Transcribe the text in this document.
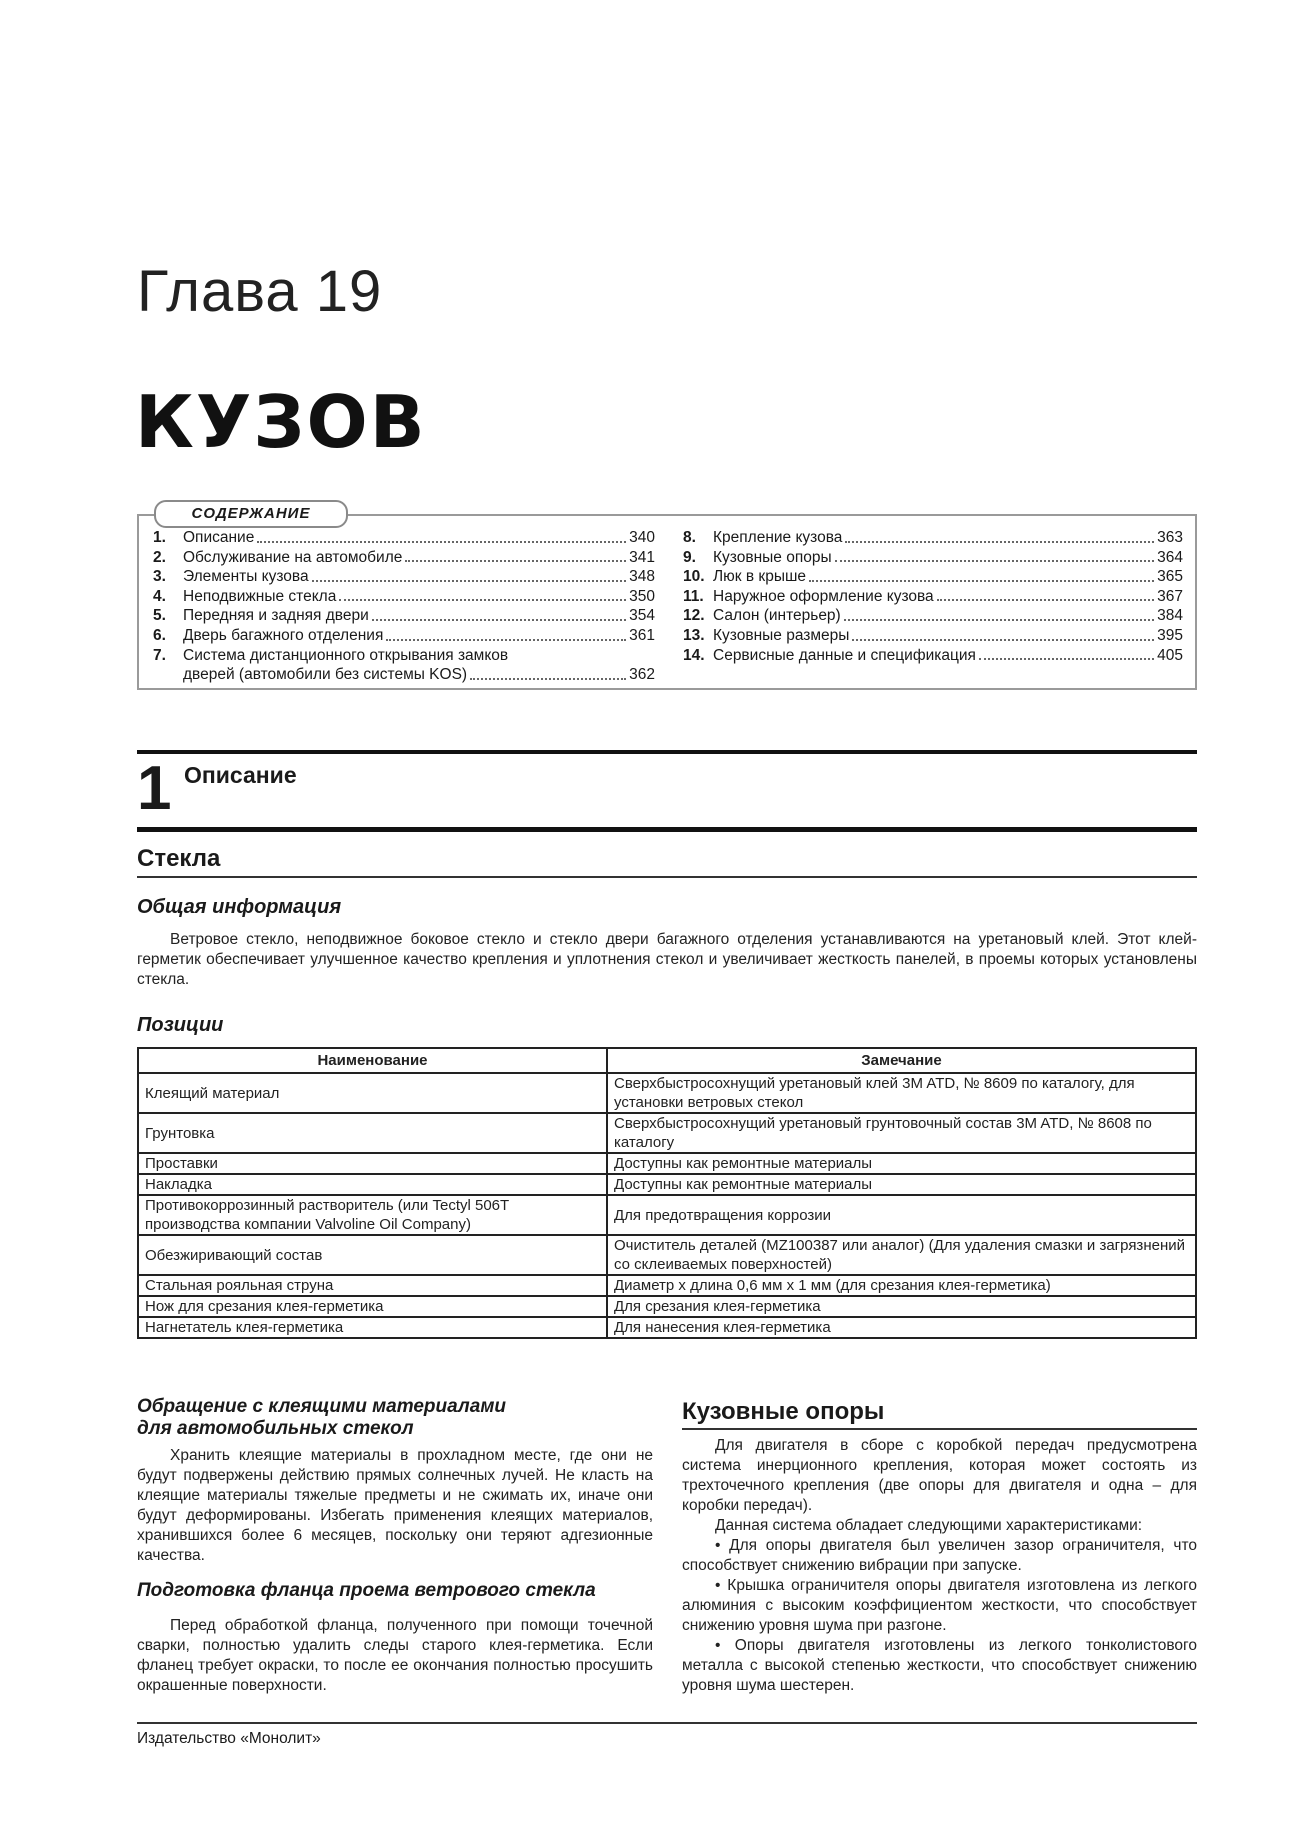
Глава 19
КУЗОВ
СОДЕРЖАНИЕ
1.	Описание	340
2.	Обслуживание на автомобиле	341
3.	Элементы кузова	348
4.	Неподвижные стекла	350
5.	Передняя и задняя двери	354
6.	Дверь багажного отделения	361
7.	Система дистанционного открывания замков
дверей (автомобили без системы KOS)	362
8.	Крепление кузова	363
9.	Кузовные опоры	364
10. Люк в крыше	365
11. Наружное оформление кузова	367
12. Салон (интерьер)	384
13. Кузовные размеры	395
14. Сервисные данные и спецификация	405
1 Описание
Стекла
Общая информация
Ветровое стекло, неподвижное боковое стекло и стекло двери багажного отделения устанавливаются на уретановый клей. Этот клей-герметик обеспечивает улучшенное качество крепления и уплотнения стекол и увеличивает жесткость панелей, в проемы которых установлены стекла.
Позиции
Наименование	Замечание
Клеящий материал	Сверхбыстросохнущий уретановый клей 3M ATD, № 8609 по каталогу, для установки ветровых стекол
Грунтовка	Сверхбыстросохнущий уретановый грунтовочный состав 3M ATD, № 8608 по каталогу
Проставки	Доступны как ремонтные материалы
Накладка	Доступны как ремонтные материалы
Противокоррозинный растворитель (или Tectyl 506T производства компании Valvoline Oil Company)	Для предотвращения коррозии
Обезжиривающий состав	Очиститель деталей (MZ100387 или аналог) (Для удаления смазки и загрязнений со склеиваемых поверхностей)
Стальная рояльная струна	Диаметр x длина 0,6 мм x 1 мм (для срезания клея-герметика)
Нож для срезания клея-герметика	Для срезания клея-герметика
Нагнетатель клея-герметика	Для нанесения клея-герметика
Обращение с клеящими материалами
для автомобильных стекол
Хранить клеящие материалы в прохладном месте, где они не будут подвержены действию прямых солнечных лучей. Не класть на клеящие материалы тяжелые предметы и не сжимать их, иначе они будут деформированы. Избегать применения клеящих материалов, хранившихся более 6 месяцев, поскольку они теряют адгезионные качества.
Подготовка фланца проема ветрового стекла
Перед обработкой фланца, полученного при помощи точечной сварки, полностью удалить следы старого клея-герметика. Если фланец требует окраски, то после ее окончания полностью просушить окрашенные поверхности.
Кузовные опоры
Для двигателя в сборе с коробкой передач предусмотрена система инерционного крепления, которая может состоять из трехточечного крепления (две опоры для двигателя и одна – для коробки передач).
Данная система обладает следующими характеристиками:
• Для опоры двигателя был увеличен зазор ограничителя, что способствует снижению вибрации при запуске.
• Крышка ограничителя опоры двигателя изготовлена из легкого алюминия с высоким коэффициентом жесткости, что способствует снижению уровня шума при разгоне.
• Опоры двигателя изготовлены из легкого тонколистового металла с высокой степенью жесткости, что способствует снижению уровня шума шестерен.
Издательство «Монолит»
